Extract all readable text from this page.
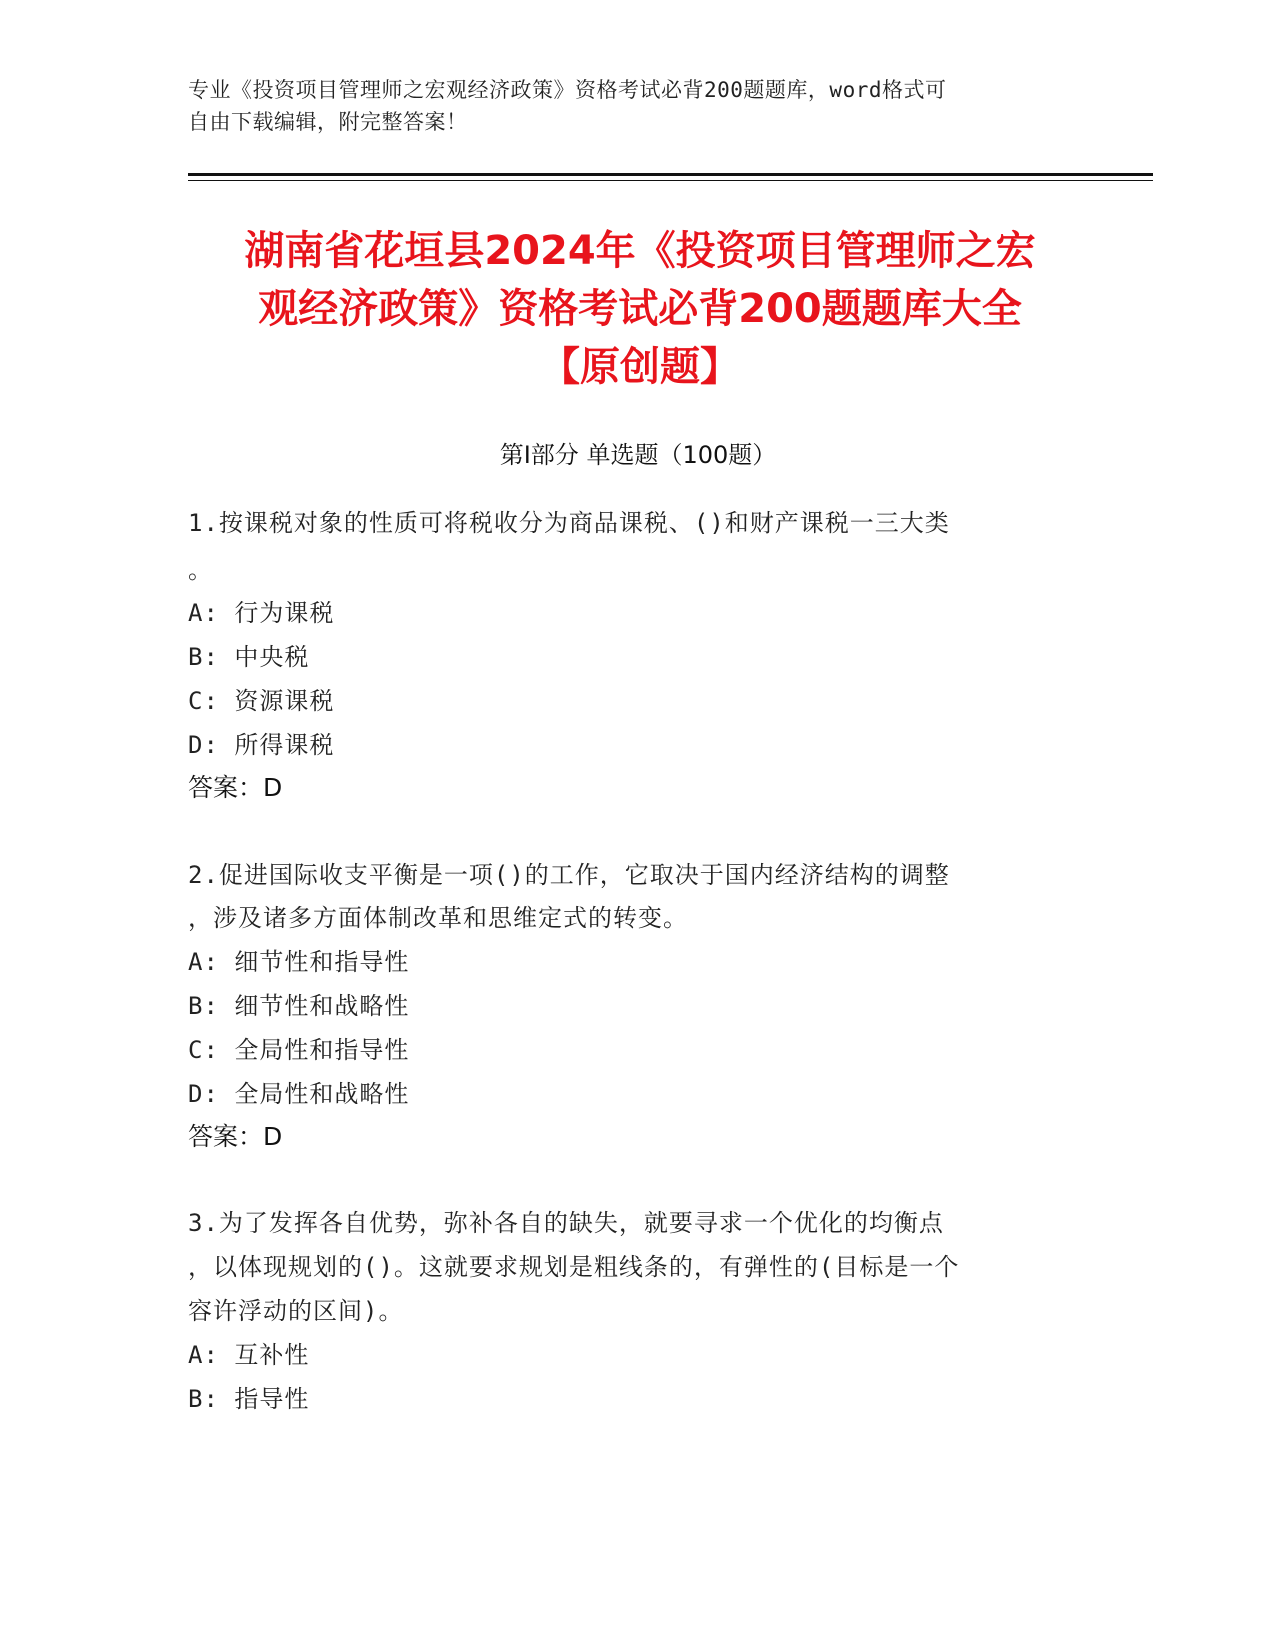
专业《投资项目管理师之宏观经济政策》资格考试必背200题题库，word格式可
自由下载编辑，附完整答案！
湖南省花垣县2024年《投资项目管理师之宏
观经济政策》资格考试必背200题题库大全
【原创题】
第Ⅰ部分 单选题（100题）
1.按课税对象的性质可将税收分为商品课税、()和财产课税一三大类
。
A: 行为课税
B: 中央税
C: 资源课税
D: 所得课税
答案：D
2.促进国际收支平衡是一项()的工作，它取决于国内经济结构的调整
，涉及诸多方面体制改革和思维定式的转变。
A: 细节性和指导性
B: 细节性和战略性
C: 全局性和指导性
D: 全局性和战略性
答案：D
3.为了发挥各自优势，弥补各自的缺失，就要寻求一个优化的均衡点
，以体现规划的()。这就要求规划是粗线条的，有弹性的(目标是一个
容许浮动的区间)。
A: 互补性
B: 指导性
